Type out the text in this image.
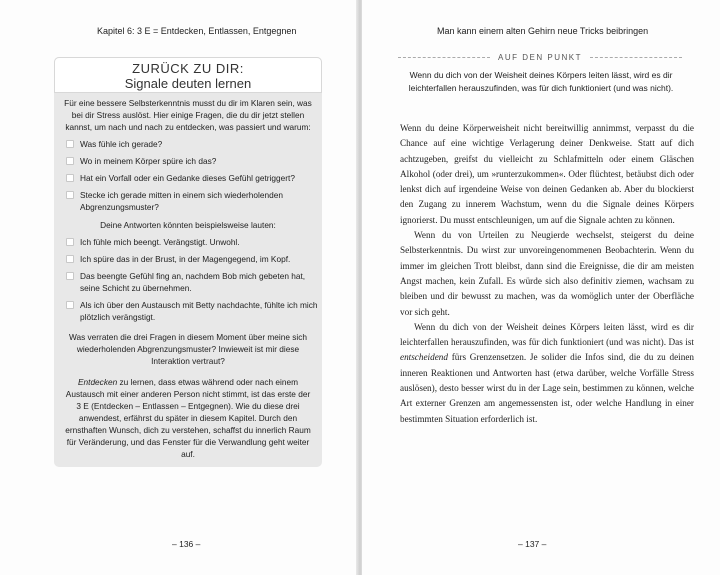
Kapitel 6: 3 E = Entdecken, Entlassen, Entgegnen
ZURÜCK ZU DIR:
Signale deuten lernen
Für eine bessere Selbsterkenntnis musst du dir im Klaren sein, was bei dir Stress auslöst. Hier einige Fragen, die du dir jetzt stellen kannst, um nach und nach zu entdecken, was passiert und warum:
Was fühle ich gerade?
Wo in meinem Körper spüre ich das?
Hat ein Vorfall oder ein Gedanke dieses Gefühl getriggert?
Stecke ich gerade mitten in einem sich wiederholenden Abgrenzungsmuster?
Deine Antworten könnten beispielsweise lauten:
Ich fühle mich beengt. Verängstigt. Unwohl.
Ich spüre das in der Brust, in der Magengegend, im Kopf.
Das beengte Gefühl fing an, nachdem Bob mich gebeten hat, seine Schicht zu übernehmen.
Als ich über den Austausch mit Betty nachdachte, fühlte ich mich plötzlich verängstigt.
Was verraten die drei Fragen in diesem Moment über meine sich wiederholenden Abgrenzungsmuster? Inwieweit ist mir diese Interaktion vertraut?
Entdecken zu lernen, dass etwas während oder nach einem Austausch mit einer anderen Person nicht stimmt, ist das erste der 3 E (Entdecken – Entlassen – Entgegnen). Wie du diese drei anwendest, erfährst du später in diesem Kapitel. Durch den ernsthaften Wunsch, dich zu verstehen, schaffst du innerlich Raum für Veränderung, und das Fenster für die Verwandlung geht weiter auf.
– 136 –
Man kann einem alten Gehirn neue Tricks beibringen
AUF DEN PUNKT
Wenn du dich von der Weisheit deines Körpers leiten lässt, wird es dir leichterfallen herauszufinden, was für dich funktioniert (und was nicht).

Wenn du deine Körperweisheit nicht bereitwillig annimmst, verpasst du die Chance auf eine wichtige Verlagerung deiner Denkweise. Statt auf dich achtzugeben, greifst du vielleicht zu Schlafmitteln oder einem Gläschen Alkohol (oder drei), um »runterzukommen«. Oder flüchtest, betäubst dich oder lenkst dich auf irgendeine Weise von deinen Gedanken ab. Aber du blockierst den Zugang zu innerem Wachstum, wenn du die Signale deines Körpers ignorierst. Du musst entschleunigen, um auf die Signale achten zu können.

Wenn du von Urteilen zu Neugierde wechselst, steigerst du deine Selbsterkenntnis. Du wirst zur unvoreingenommenen Beobachterin. Wenn du immer im gleichen Trott bleibst, dann sind die Ereignisse, die dir am meisten Angst machen, kein Zufall. Es würde sich also definitiv ziemen, wachsam zu bleiben und dir bewusst zu machen, was da womöglich unter der Oberfläche vor sich geht.

Wenn du dich von der Weisheit deines Körpers leiten lässt, wird es dir leichterfallen herauszufinden, was für dich funktioniert (und was nicht). Das ist entscheidend fürs Grenzensetzen. Je solider die Infos sind, die du zu deinen inneren Reaktionen und Antworten hast (etwa darüber, welche Vorfälle Stress auslösen), desto besser wirst du in der Lage sein, bestimmen zu können, welche Art externer Grenzen am angemessensten ist, oder welche Handlung in einer bestimmten Situation erforderlich ist.

– 137 –
